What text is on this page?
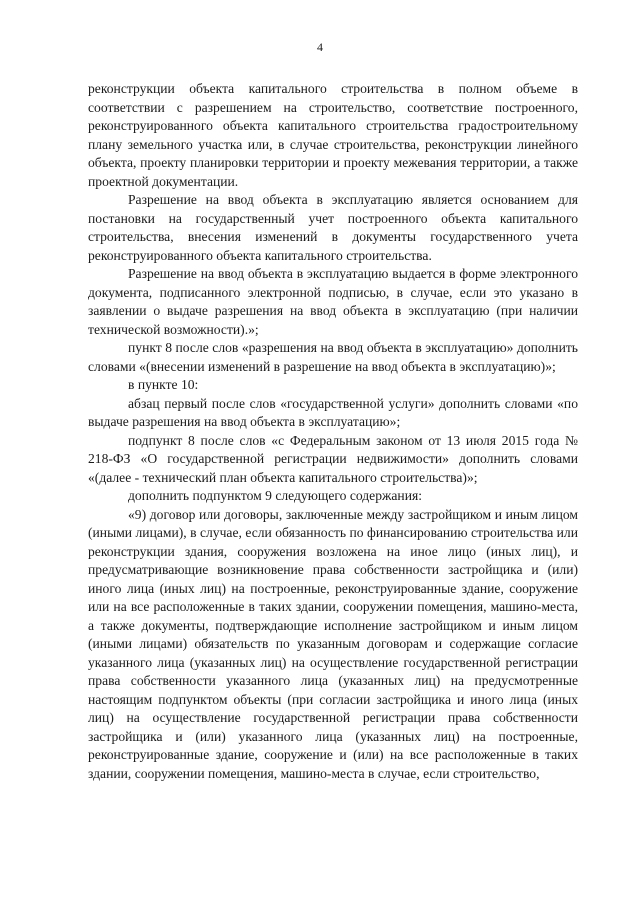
4

реконструкции объекта капитального строительства в полном объеме в соответствии с разрешением на строительство, соответствие построенного, реконструированного объекта капитального строительства градостроительному плану земельного участка или, в случае строительства, реконструкции линейного объекта, проекту планировки территории и проекту межевания территории, а также проектной документации.

Разрешение на ввод объекта в эксплуатацию является основанием для постановки на государственный учет построенного объекта капитального строительства, внесения изменений в документы государственного учета реконструированного объекта капитального строительства.

Разрешение на ввод объекта в эксплуатацию выдается в форме электронного документа, подписанного электронной подписью, в случае, если это указано в заявлении о выдаче разрешения на ввод объекта в эксплуатацию (при наличии технической возможности).»;

пункт 8 после слов «разрешения на ввод объекта в эксплуатацию» дополнить словами «(внесении изменений в разрешение на ввод объекта в эксплуатацию)»;

в пункте 10:

абзац первый после слов «государственной услуги» дополнить словами «по выдаче разрешения на ввод объекта в эксплуатацию»;

подпункт 8 после слов «с Федеральным законом от 13 июля 2015 года № 218-ФЗ «О государственной регистрации недвижимости» дополнить словами «(далее - технический план объекта капитального строительства)»;

дополнить подпунктом 9 следующего содержания:

«9) договор или договоры, заключенные между застройщиком и иным лицом (иными лицами), в случае, если обязанность по финансированию строительства или реконструкции здания, сооружения возложена на иное лицо (иных лиц), и предусматривающие возникновение права собственности застройщика и (или) иного лица (иных лиц) на построенные, реконструированные здание, сооружение или на все расположенные в таких здании, сооружении помещения, машино-места, а также документы, подтверждающие исполнение застройщиком и иным лицом (иными лицами) обязательств по указанным договорам и содержащие согласие указанного лица (указанных лиц) на осуществление государственной регистрации права собственности указанного лица (указанных лиц) на предусмотренные настоящим подпунктом объекты (при согласии застройщика и иного лица (иных лиц) на осуществление государственной регистрации права собственности застройщика и (или) указанного лица (указанных лиц) на построенные, реконструированные здание, сооружение и (или) на все расположенные в таких здании, сооружении помещения, машино-места в случае, если строительство,
